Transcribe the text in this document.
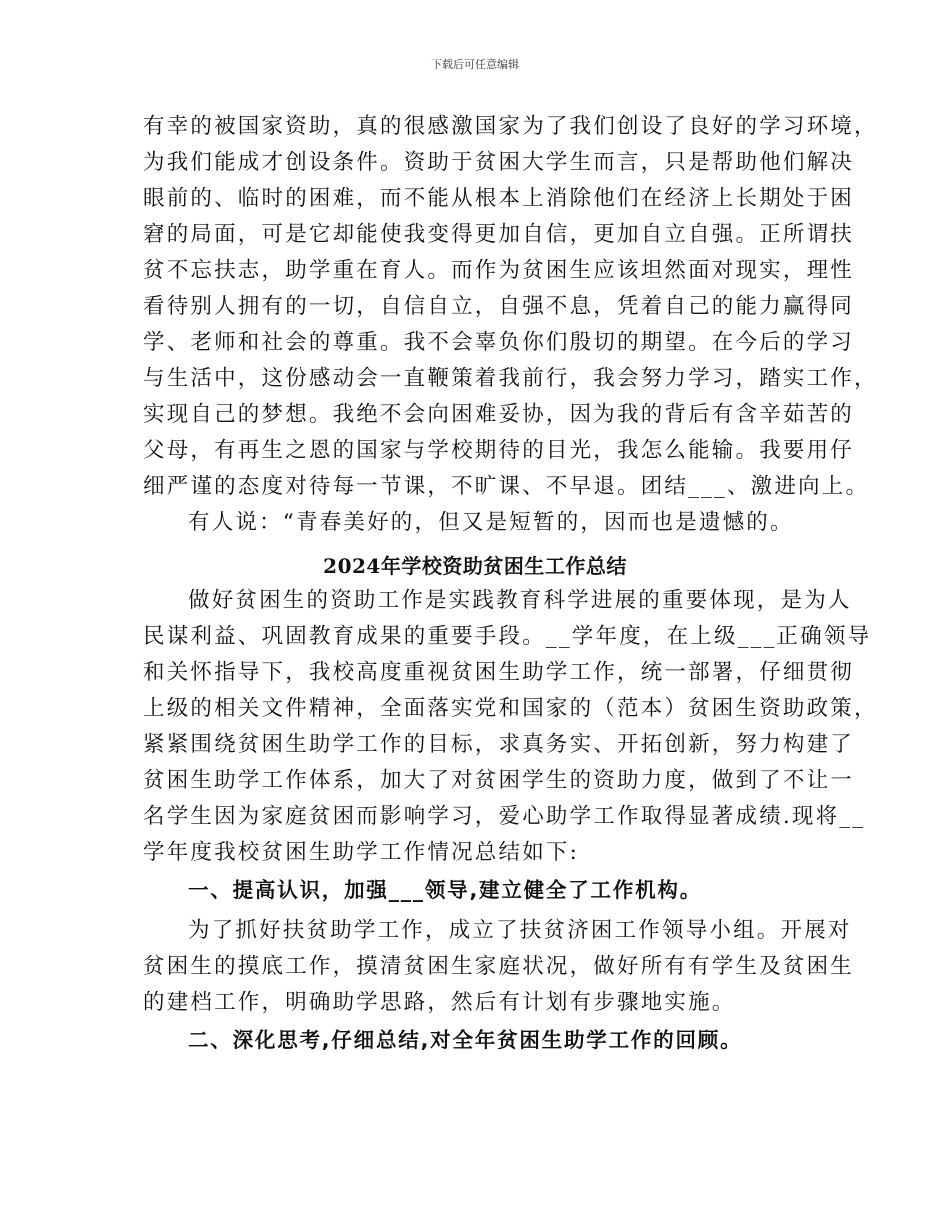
下载后可任意编辑
有幸的被国家资助，真的很感激国家为了我们创设了良好的学习环境，
为我们能成才创设条件。资助于贫困大学生而言，只是帮助他们解决
眼前的、临时的困难，而不能从根本上消除他们在经济上长期处于困
窘的局面，可是它却能使我变得更加自信，更加自立自强。正所谓扶
贫不忘扶志，助学重在育人。而作为贫困生应该坦然面对现实，理性
看待别人拥有的一切，自信自立，自强不息，凭着自己的能力赢得同
学、老师和社会的尊重。我不会辜负你们殷切的期望。在今后的学习
与生活中，这份感动会一直鞭策着我前行，我会努力学习，踏实工作，
实现自己的梦想。我绝不会向困难妥协，因为我的背后有含辛茹苦的
父母，有再生之恩的国家与学校期待的目光，我怎么能输。我要用仔
细严谨的态度对待每一节课，不旷课、不早退。团结___、激进向上。
有人说：“青春美好的，但又是短暂的，因而也是遗憾的。
2024年学校资助贫困生工作总结
做好贫困生的资助工作是实践教育科学进展的重要体现，是为人
民谋利益、巩固教育成果的重要手段。__学年度，在上级___正确领导
和关怀指导下，我校高度重视贫困生助学工作，统一部署，仔细贯彻
上级的相关文件精神，全面落实党和国家的（范本）贫困生资助政策，
紧紧围绕贫困生助学工作的目标，求真务实、开拓创新，努力构建了
贫困生助学工作体系，加大了对贫困学生的资助力度，做到了不让一
名学生因为家庭贫困而影响学习，爱心助学工作取得显著成绩.现将__
学年度我校贫困生助学工作情况总结如下:
一、提高认识，加强___领导,建立健全了工作机构。
为了抓好扶贫助学工作，成立了扶贫济困工作领导小组。开展对
贫困生的摸底工作，摸清贫困生家庭状况，做好所有有学生及贫困生
的建档工作，明确助学思路，然后有计划有步骤地实施。
二、深化思考,仔细总结,对全年贫困生助学工作的回顾。
